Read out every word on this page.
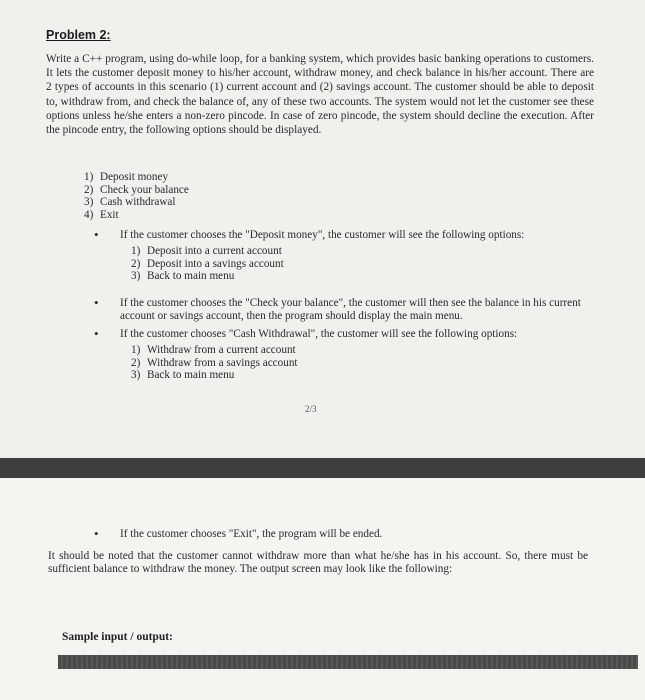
Problem 2:

Write a C++ program, using do-while loop, for a banking system, which provides basic banking operations to customers. It lets the customer deposit money to his/her account, withdraw money, and check balance in his/her account. There are 2 types of accounts in this scenario (1) current account and (2) savings account. The customer should be able to deposit to, withdraw from, and check the balance of, any of these two accounts. The system would not let the customer see these options unless he/she enters a non-zero pincode. In case of zero pincode, the system should decline the execution. After the pincode entry, the following options should be displayed.

1) Deposit money
2) Check your balance
3) Cash withdrawal
4) Exit
•	If the customer chooses the "Deposit money", the customer will see the following options:
1) Deposit into a current account
2) Deposit into a savings account
3) Back to main menu
•	If the customer chooses the "Check your balance", the customer will then see the balance in his current account or savings account, then the program should display the main menu.
•	If the customer chooses "Cash Withdrawal", the customer will see the following options:
1) Withdraw from a current account
2) Withdraw from a savings account
3) Back to main menu
2/3
•	If the customer chooses "Exit", the program will be ended.

It should be noted that the customer cannot withdraw more than what he/she has in his account. So, there must be sufficient balance to withdraw the money. The output screen may look like the following:

Sample input / output:
